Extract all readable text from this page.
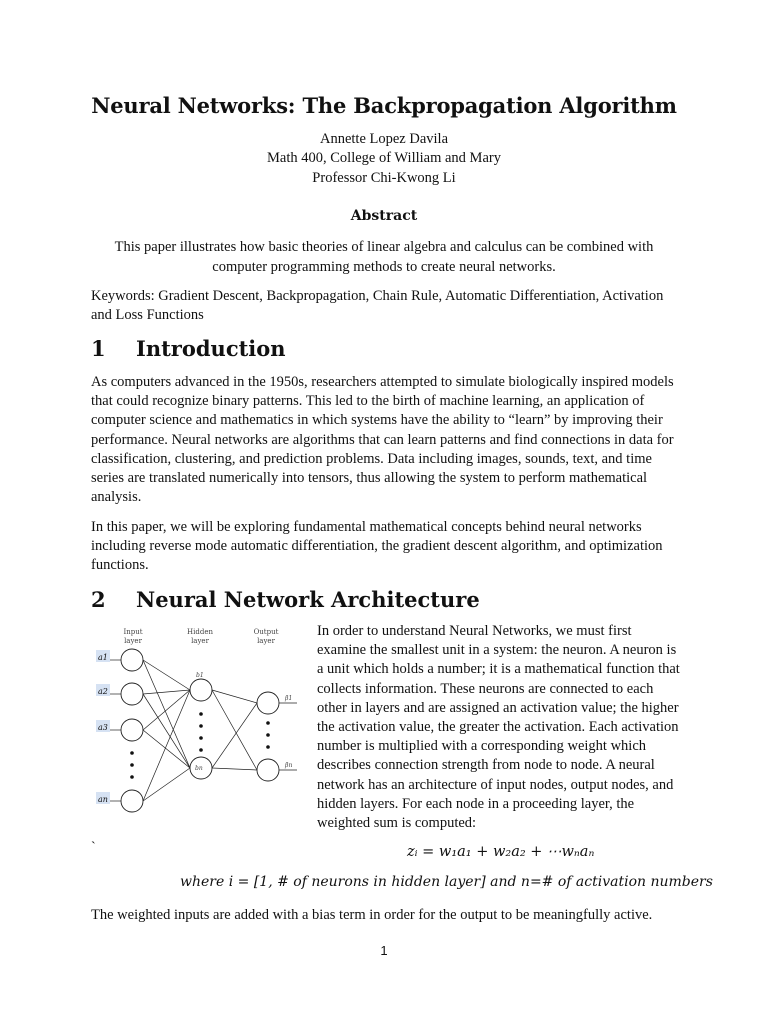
Neural Networks: The Backpropagation Algorithm
Annette Lopez Davila
Math 400, College of William and Mary
Professor Chi-Kwong Li
Abstract
This paper illustrates how basic theories of linear algebra and calculus can be combined with computer programming methods to create neural networks.

Keywords: Gradient Descent, Backpropagation, Chain Rule, Automatic Differentiation, Activation and Loss Functions

1 Introduction

As computers advanced in the 1950s, researchers attempted to simulate biologically inspired models that could recognize binary patterns. This led to the birth of machine learning, an application of computer science and mathematics in which systems have the ability to “learn” by improving their performance. Neural networks are algorithms that can learn patterns and find connections in data for classification, clustering, and prediction problems. Data including images, sounds, text, and time series are translated numerically into tensors, thus allowing the system to perform mathematical analysis.

In this paper, we will be exploring fundamental mathematical concepts behind neural networks including reverse mode automatic differentiation, the gradient descent algorithm, and optimization functions.

2 Neural Network Architecture
Input
layer
Hidden
layer
Output
layer
a1
a2
a3
an
b1
bn
β1
βn

In order to understand Neural Networks, we must first examine the smallest unit in a system: the neuron. A neuron is a unit which holds a number; it is a mathematical function that collects information. These neurons are connected to each other in layers and are assigned an activation value; the higher the activation value, the greater the activation. Each activation number is multiplied with a corresponding weight which describes connection strength from node to node. A neural network has an architecture of input nodes, output nodes, and hidden layers. For each node in a proceeding layer, the weighted sum is computed:

`	zᵢ = w₁a₁ + w₂a₂ + ⋯wₙaₙ
where i = [1, # of neurons in hidden layer] and n=# of activation numbers

The weighted inputs are added with a bias term in order for the output to be meaningfully active.

1
